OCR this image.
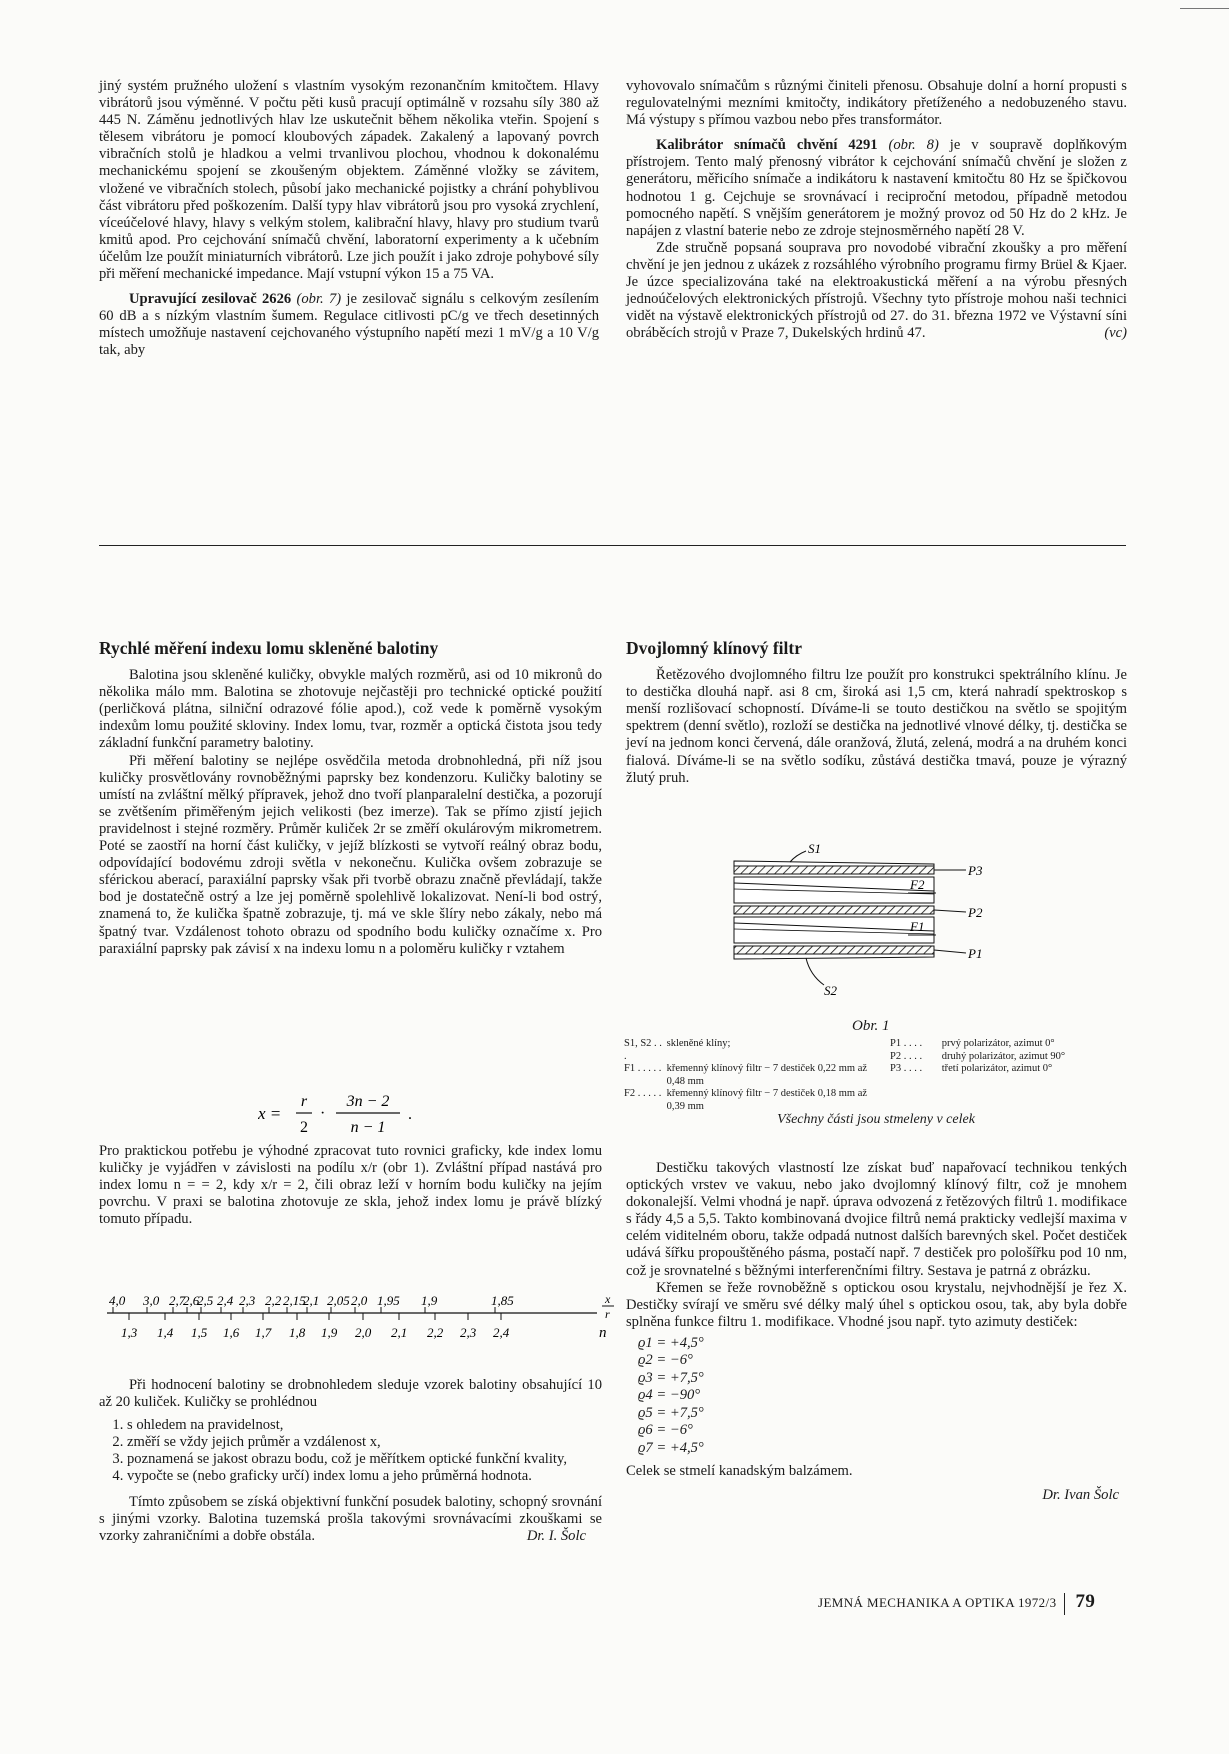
jiný systém pružného uložení s vlastním vysokým rezonančním kmitočtem. Hlavy vibrátorů jsou výměnné. V počtu pěti kusů pracují optimálně v rozsahu síly 380 až 445 N. Záměnu jednotlivých hlav lze uskutečnit během několika vteřin. Spojení s tělesem vibrátoru je pomocí kloubových západek. Zakalený a lapovaný povrch vibračních stolů je hladkou a velmi trvanlivou plochou, vhodnou k dokonalému mechanickému spojení se zkoušeným objektem. Záměnné vložky se závitem, vložené ve vibračních stolech, působí jako mechanické pojistky a chrání pohyblivou část vibrátoru před poškozením. Další typy hlav vibrátorů jsou pro vysoká zrychlení, víceúčelové hlavy, hlavy s velkým stolem, kalibrační hlavy, hlavy pro studium tvarů kmitů apod. Pro cejchování snímačů chvění, laboratorní experimenty a k učebním účelům lze použít miniaturních vibrátorů. Lze jich použít i jako zdroje pohybové síly při měření mechanické impedance. Mají vstupní výkon 15 a 75 VA.

Upravující zesilovač 2626 (obr. 7) je zesilovač signálu s celkovým zesílením 60 dB a s nízkým vlastním šumem. Regulace citlivosti pC/g ve třech desetinných místech umožňuje nastavení cejchovaného výstupního napětí mezi 1 mV/g a 10 V/g tak, aby

vyhovovalo snímačům s různými činiteli přenosu. Obsahuje dolní a horní propusti s regulovatelnými mezními kmitočty, indikátory přetíženého a nedobuzeného stavu. Má výstupy s přímou vazbou nebo přes transformátor.

Kalibrátor snímačů chvění 4291 (obr. 8) je v soupravě doplňkovým přístrojem. Tento malý přenosný vibrátor k cejchování snímačů chvění je složen z generátoru, měřicího snímače a indikátoru k nastavení kmitočtu 80 Hz se špičkovou hodnotou 1 g. Cejchuje se srovnávací i reciproční metodou, případně metodou pomocného napětí. S vnějším generátorem je možný provoz od 50 Hz do 2 kHz. Je napájen z vlastní baterie nebo ze zdroje stejnosměrného napětí 28 V.

Zde stručně popsaná souprava pro novodobé vibrační zkoušky a pro měření chvění je jen jednou z ukázek z rozsáhlého výrobního programu firmy Brüel & Kjaer. Je úzce specializována také na elektroakustická měření a na výrobu přesných jednoúčelových elektronických přístrojů. Všechny tyto přístroje mohou naši technici vidět na výstavě elektronických přístrojů od 27. do 31. března 1972 ve Výstavní síni obráběcích strojů v Praze 7, Dukelských hrdinů 47.	(vc)

Rychlé měření indexu lomu skleněné balotiny

Balotina jsou skleněné kuličky, obvykle malých rozměrů, asi od 10 mikronů do několika málo mm. Balotina se zhotovuje nejčastěji pro technické optické použití (perličková plátna, silniční odrazové fólie apod.), což vede k poměrně vysokým indexům lomu použité skloviny. Index lomu, tvar, rozměr a optická čistota jsou tedy základní funkční parametry balotiny.

Při měření balotiny se nejlépe osvědčila metoda drobnohledná, při níž jsou kuličky prosvětlovány rovnoběžnými paprsky bez kondenzoru. Kuličky balotiny se umístí na zvláštní mělký přípravek, jehož dno tvoří planparalelní destička, a pozorují se zvětšením přiměřeným jejich velikosti (bez imerze). Tak se přímo zjistí jejich pravidelnost i stejné rozměry. Průměr kuliček 2r se změří okulárovým mikrometrem. Poté se zaostří na horní část kuličky, v jejíž blízkosti se vytvoří reálný obraz bodu, odpovídající bodovému zdroji světla v nekonečnu. Kulička ovšem zobrazuje se sférickou aberací, paraxiální paprsky však při tvorbě obrazu značně převládají, takže bod je dostatečně ostrý a lze jej poměrně spolehlivě lokalizovat. Není-li bod ostrý, znamená to, že kulička špatně zobrazuje, tj. má ve skle šlíry nebo zákaly, nebo má špatný tvar. Vzdálenost tohoto obrazu od spodního bodu kuličky označíme x. Pro paraxiální paprsky pak závisí x na indexu lomu n a poloměru kuličky r vztahem

x =
r
2
·
3n − 2
n − 1
.

Pro praktickou potřebu je výhodné zpracovat tuto rovnici graficky, kde index lomu kuličky je vyjádřen v závislosti na podílu x/r (obr 1). Zvláštní případ nastává pro index lomu n = = 2, kdy x/r = 2, čili obraz leží v horním bodu kuličky na jejím povrchu. V praxi se balotina zhotovuje ze skla, jehož index lomu je právě blízký tomuto případu.

4,0 3,0 2,7
2,6
2,5 2,4 2,3 2,2 2,15
2,1 2,05 2,0 1,95 1,9	1,85
1,3 1,4 1,5 1,6 1,7 1,8 1,9 2,0 2,1 2,2 2,3 2,4
x
r
n

Při hodnocení balotiny se drobnohledem sleduje vzorek balotiny obsahující 10 až 20 kuliček. Kuličky se prohlédnou

1. s ohledem na pravidelnost,
2. změří se vždy jejich průměr a vzdálenost x,
3. poznamená se jakost obrazu bodu, což je měřítkem optické funkční kvality,
4. vypočte se (nebo graficky určí) index lomu a jeho průměrná hodnota.

Tímto způsobem se získá objektivní funkční posudek balotiny, schopný srovnání s jinými vzorky. Balotina tuzemská prošla takovými srovnávacími zkouškami se vzorky zahraničními a dobře obstála.	Dr. I. Šolc

Dvojlomný klínový filtr

Řetězového dvojlomného filtru lze použít pro konstrukci spektrálního klínu. Je to destička dlouhá např. asi 8 cm, široká asi 1,5 cm, která nahradí spektroskop s menší rozlišovací schopností. Díváme-li se touto destičkou na světlo se spojitým spektrem (denní světlo), rozloží se destička na jednotlivé vlnové délky, tj. destička se jeví na jednom konci červená, dále oranžová, žlutá, zelená, modrá a na druhém konci fialová. Díváme-li se na světlo sodíku, zůstává destička tmavá, pouze je výrazný žlutý pruh.

S1
S2
P3
P2
P1
F2
F1
Obr. 1
S1, S2 . . .	skleněné klíny;
F1 . . . . .	křemenný klínový filtr − 7 destiček 0,22 mm až 0,48 mm
F2 . . . . .	křemenný klínový filtr − 7 destiček 0,18 mm až 0,39 mm
P1 . . . .	prvý polarizátor, azimut 0°
P2 . . . .	druhý polarizátor, azimut 90°
P3 . . . .	třetí polarizátor, azimut 0°
Všechny části jsou stmeleny v celek

Destičku takových vlastností lze získat buď napařovací technikou tenkých optických vrstev ve vakuu, nebo jako dvojlomný klínový filtr, což je mnohem dokonalejší. Velmi vhodná je např. úprava odvozená z řetězových filtrů 1. modifikace s řády 4,5 a 5,5. Takto kombinovaná dvojice filtrů nemá prakticky vedlejší maxima v celém viditelném oboru, takže odpadá nutnost dalších barevných skel. Počet destiček udává šířku propouštěného pásma, postačí např. 7 destiček pro pološířku pod 10 nm, což je srovnatelné s běžnými interferenčními filtry. Sestava je patrná z obrázku.

Křemen se řeže rovnoběžně s optickou osou krystalu, nejvhodnější je řez X. Destičky svírají ve směru své délky malý úhel s optickou osou, tak, aby byla dobře splněna funkce filtru 1. modifikace. Vhodné jsou např. tyto azimuty destiček:

ϱ1 = +4,5°
ϱ2 = −6°
ϱ3 = +7,5°
ϱ4 = −90°
ϱ5 = +7,5°
ϱ6 = −6°
ϱ7 = +4,5°

Celek se stmelí kanadským balzámem.

Dr. Ivan Šolc

JEMNÁ MECHANIKA A OPTIKA 1972/3 79
